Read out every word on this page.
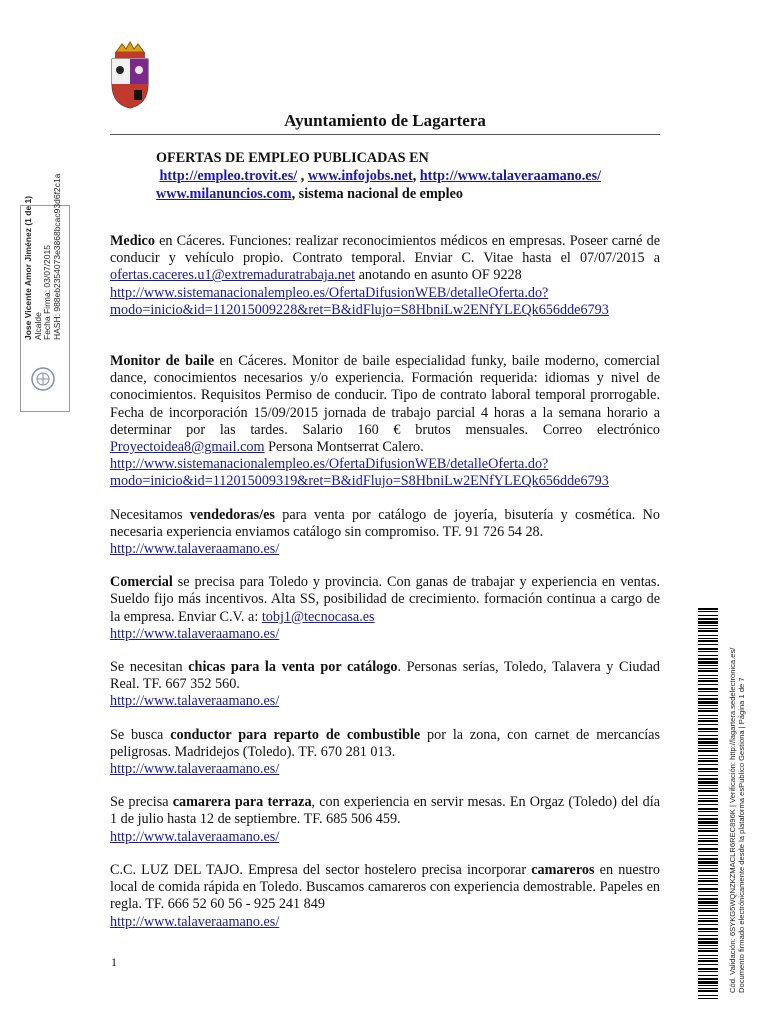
Ayuntamiento de Lagartera
OFERTAS DE EMPLEO PUBLICADAS EN
http://empleo.trovit.es/ , www.infojobs.net, http://www.talaveraamano.es/
www.milanuncios.com, sistema nacional de empleo
Medico en Cáceres. Funciones: realizar reconocimientos médicos en empresas. Poseer carné de conducir y vehículo propio. Contrato temporal. Enviar C. Vitae hasta el 07/07/2015 a ofertas.caceres.u1@extremaduratrabaja.net anotando en asunto OF 9228
http://www.sistemanacionalempleo.es/OfertaDifusionWEB/detalleOferta.do?
modo=inicio&id=112015009228&ret=B&idFlujo=S8HbniLw2ENfYLEQk656dde6793
Monitor de baile en Cáceres. Monitor de baile especialidad funky, baile moderno, comercial dance, conocimientos necesarios y/o experiencia. Formación requerida: idiomas y nivel de conocimientos. Requisitos Permiso de conducir. Tipo de contrato laboral temporal prorrogable. Fecha de incorporación 15/09/2015 jornada de trabajo parcial 4 horas a la semana horario a determinar por las tardes. Salario 160 € brutos mensuales. Correo electrónico Proyectoidea8@gmail.com Persona Montserrat Calero.
http://www.sistemanacionalempleo.es/OfertaDifusionWEB/detalleOferta.do?
modo=inicio&id=112015009319&ret=B&idFlujo=S8HbniLw2ENfYLEQk656dde6793
Necesitamos vendedoras/es para venta por catálogo de joyería, bisutería y cosmética. No necesaria experiencia enviamos catálogo sin compromiso. TF. 91 726 54 28.
http://www.talaveraamano.es/
Comercial se precisa para Toledo y provincia. Con ganas de trabajar y experiencia en ventas. Sueldo fijo más incentivos. Alta SS, posibilidad de crecimiento. formación continua a cargo de la empresa. Enviar C.V. a: tobj1@tecnocasa.es
http://www.talaveraamano.es/
Se necesitan chicas para la venta por catálogo. Personas serias, Toledo, Talavera y Ciudad Real. TF. 667 352 560.
http://www.talaveraamano.es/
Se busca conductor para reparto de combustible por la zona, con carnet de mercancías peligrosas. Madridejos (Toledo). TF. 670 281 013.
http://www.talaveraamano.es/
Se precisa camarera para terraza, con experiencia en servir mesas. En Orgaz (Toledo) del día 1 de julio hasta 12 de septiembre. TF. 685 506 459.
http://www.talaveraamano.es/
C.C. LUZ DEL TAJO. Empresa del sector hostelero precisa incorporar camareros en nuestro local de comida rápida en Toledo. Buscamos camareros con experiencia demostrable. Papeles en regla. TF. 666 52 60 56 - 925 241 849
http://www.talaveraamano.es/
1
Jose Vicente Amor Jiménez (1 de 1) Alcalde Fecha Firma: 03/07/2015 HASH: 988eb2354073e3868bcac93d6f2c1a
Cód. Validación: 6SYKG5WQNZKZMACLR6REC896K | Verificación: http://lagartera.sedelectronica.es/ Documento firmado electrónicamente desde la plataforma esPublico Gestiona | Página 1 de 7
